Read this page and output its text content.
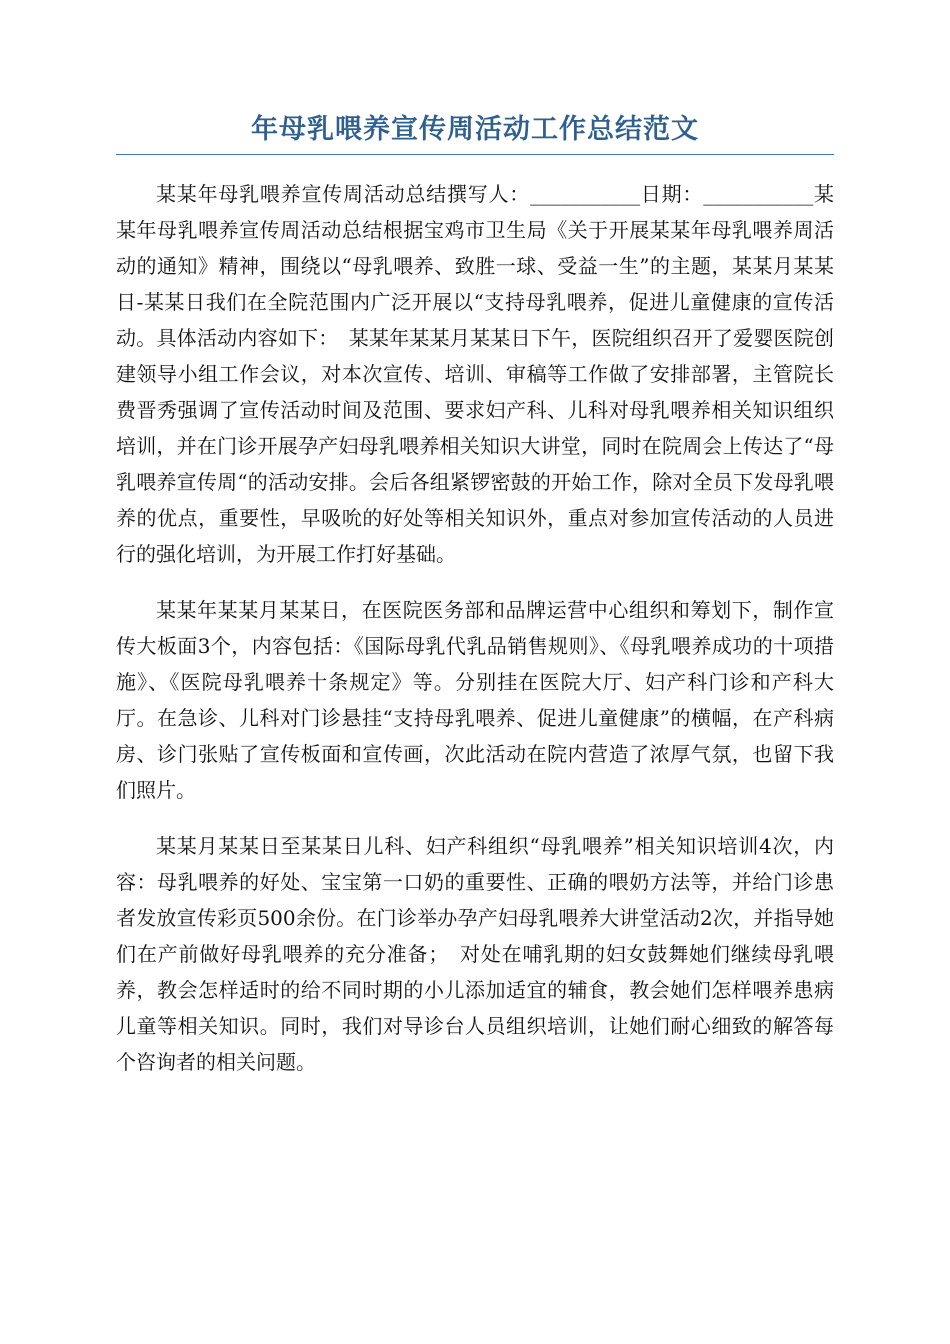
年母乳喂养宣传周活动工作总结范文

某某年母乳喂养宣传周活动总结撰写人：___________日期：___________某某年母乳喂养宣传周活动总结根据宝鸡市卫生局《关于开展某某年母乳喂养周活动的通知》精神，围绕以“母乳喂养、致胜一球、受益一生”的主题，某某月某某日-某某日我们在全院范围内广泛开展以“支持母乳喂养，促进儿童健康的宣传活动。具体活动内容如下：　某某年某某月某某日下午，医院组织召开了爱婴医院创建领导小组工作会议，对本次宣传、培训、审稿等工作做了安排部署，主管院长费晋秀强调了宣传活动时间及范围、要求妇产科、儿科对母乳喂养相关知识组织培训，并在门诊开展孕产妇母乳喂养相关知识大讲堂，同时在院周会上传达了“母乳喂养宣传周“的活动安排。会后各组紧锣密鼓的开始工作，除对全员下发母乳喂养的优点，重要性，早吸吮的好处等相关知识外，重点对参加宣传活动的人员进行的强化培训，为开展工作打好基础。

某某年某某月某某日，在医院医务部和品牌运营中心组织和筹划下，制作宣传大板面3个，内容包括：《国际母乳代乳品销售规则》、《母乳喂养成功的十项措施》、《医院母乳喂养十条规定》等。分别挂在医院大厅、妇产科门诊和产科大厅。在急诊、儿科对门诊悬挂“支持母乳喂养、促进儿童健康”的横幅，在产科病房、诊门张贴了宣传板面和宣传画，次此活动在院内营造了浓厚气氛，也留下我们照片。

某某月某某日至某某日儿科、妇产科组织“母乳喂养”相关知识培训4次，内容：母乳喂养的好处、宝宝第一口奶的重要性、正确的喂奶方法等，并给门诊患者发放宣传彩页500余份。在门诊举办孕产妇母乳喂养大讲堂活动2次，并指导她们在产前做好母乳喂养的充分准备；　对处在哺乳期的妇女鼓舞她们继续母乳喂养，教会怎样适时的给不同时期的小儿添加适宜的辅食，教会她们怎样喂养患病儿童等相关知识。同时，我们对导诊台人员组织培训，让她们耐心细致的解答每个咨询者的相关问题。
